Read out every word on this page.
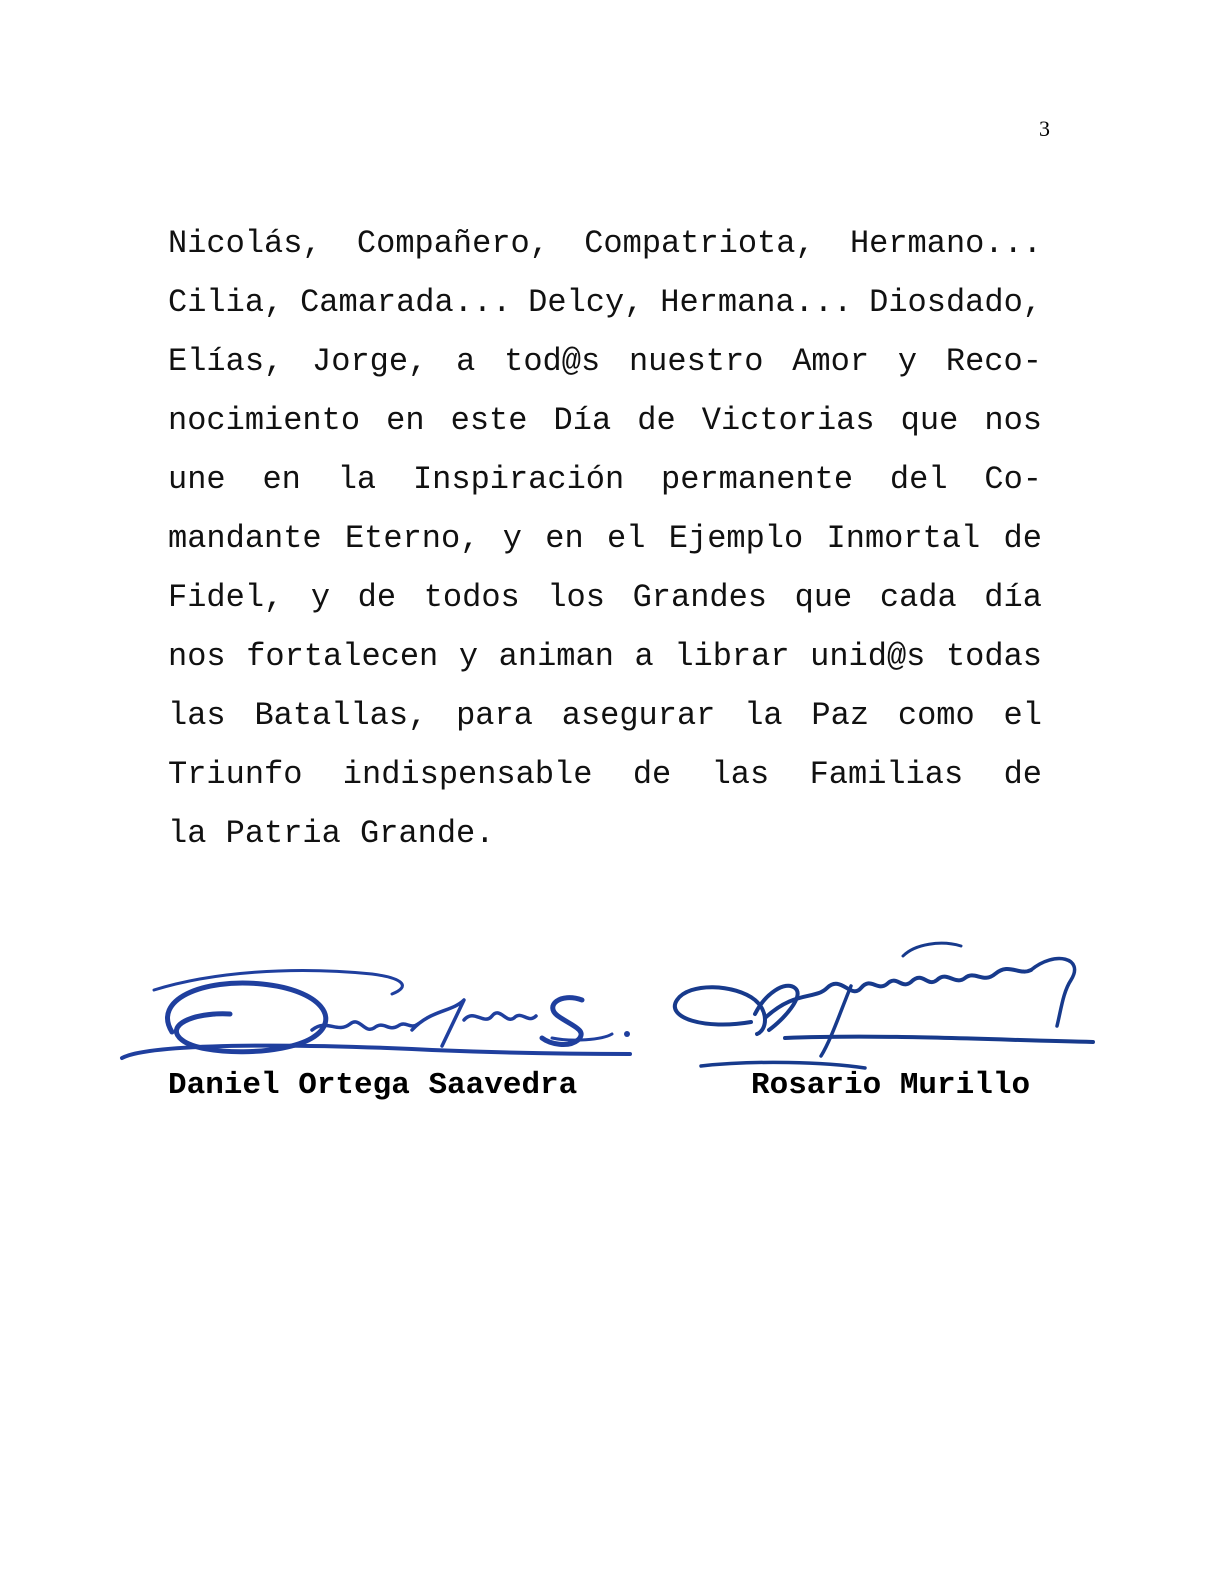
3
Nicolás, Compañero, Compatriota, Hermano...
Cilia, Camarada... Delcy, Hermana... Diosdado,
Elías, Jorge, a tod@s nuestro Amor y Reco-
nocimiento en este Día de Victorias que nos
une en la Inspiración permanente del Co-
mandante Eterno, y en el Ejemplo Inmortal de
Fidel, y de todos los Grandes que cada día
nos fortalecen y animan a librar unid@s todas
las Batallas, para asegurar la Paz como el
Triunfo indispensable de las Familias de
la Patria Grande.
Daniel Ortega Saavedra	Rosario Murillo
